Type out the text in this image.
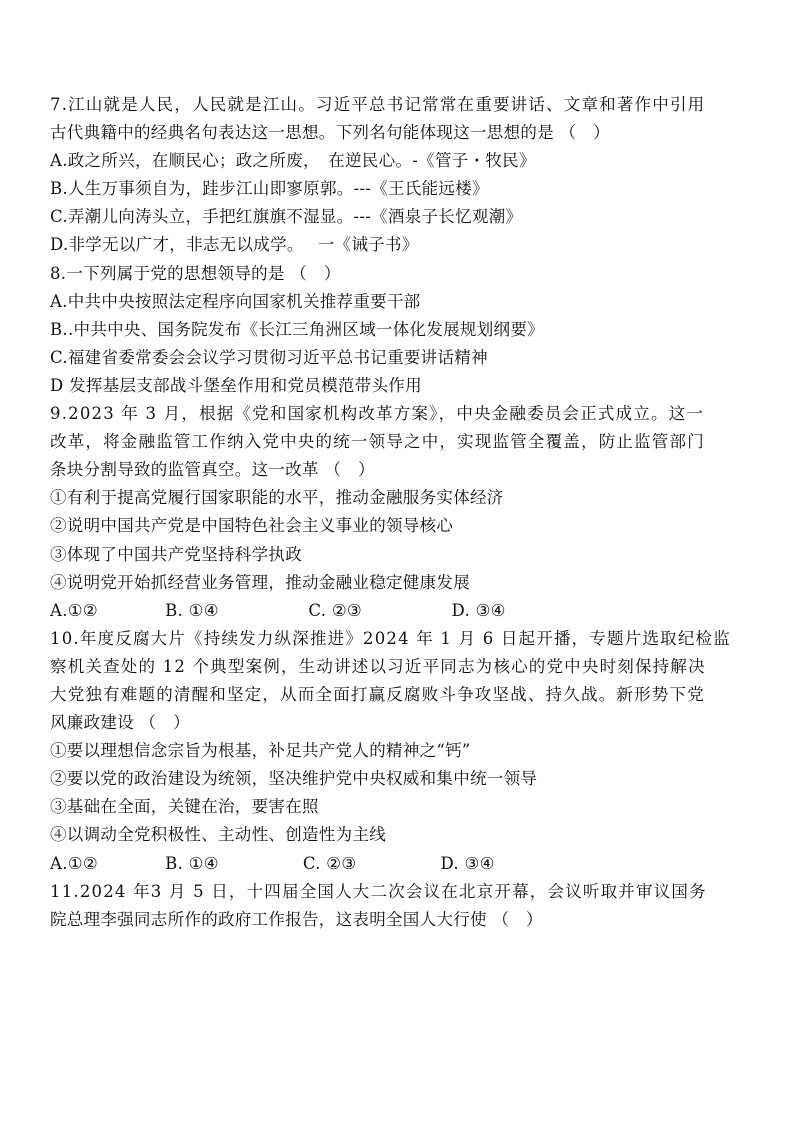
7.江山就是人民，人民就是江山。习近平总书记常常在重要讲话、文章和著作中引用
古代典籍中的经典名句表达这一思想。下列名句能体现这一思想的是 （　）
A.政之所兴，在顺民心；政之所废，　在逆民心。-《管子・牧民》
B.人生万事须自为，跬步江山即寥原郭。---《王氏能远楼》
C.弄潮儿向涛头立，手把红旗旗不湿显。---《酒泉子长忆观潮》
D.非学无以广才，非志无以成学。　 一《诫子书》
8.一下列属于党的思想领导的是 （　）
A.中共中央按照法定程序向国家机关推荐重要干部
B..中共中央、国务院发布《长江三角洲区域一体化发展规划纲要》
C.福建省委常委会会议学习贯彻习近平总书记重要讲话精神
D 发挥基层支部战斗堡垒作用和党员模范带头作用
9.2023 年 3 月，根据《党和国家机构改革方案》，中央金融委员会正式成立。这一
改革，将金融监管工作纳入党中央的统一领导之中，实现监管全覆盖，防止监管部门
条块分割导致的监管真空。这一改革 （　）
①有利于提高党履行国家职能的水平，推动金融服务实体经济
②说明中国共产党是中国特色社会主义事业的领导核心
③体现了中国共产党坚持科学执政
④说明党开始抓经营业务管理，推动金融业稳定健康发展
A.①②　　　　B. ①④　　　　　 C. ②③　　　　　 D. ③④
10.年度反腐大片《持续发力纵深推进》2024 年 1 月 6 日起开播，专题片选取纪检监
察机关查处的 12 个典型案例，生动讲述以习近平同志为核心的党中央时刻保持解决
大党独有难题的清醒和坚定，从而全面打赢反腐败斗争攻坚战、持久战。新形势下党
风廉政建设 （　）
①要以理想信念宗旨为根基，补足共产党人的精神之“钙”
②要以党的政治建设为统领，坚决维护党中央权威和集中统一领导
③基础在全面，关键在治，要害在照
④以调动全党积极性、主动性、创造性为主线
A.①②　　　　B. ①④　　　　　C. ②③　　　　　D. ③④
11.2024 年3 月 5 日，十四届全国人大二次会议在北京开幕，会议听取并审议国务
院总理李强同志所作的政府工作报告，这表明全国人大行使 （　）
